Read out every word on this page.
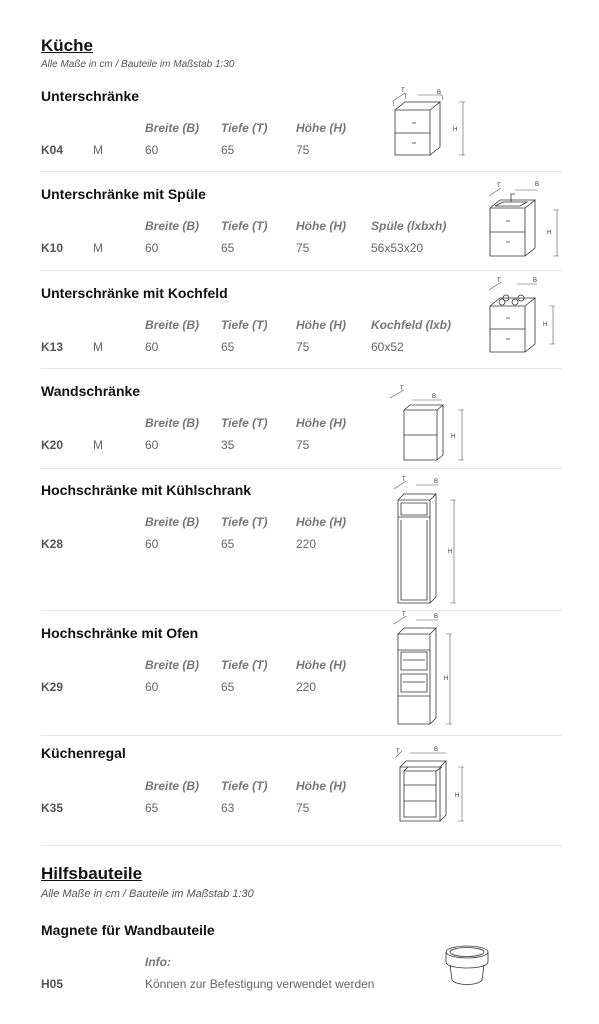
Küche
Alle Maße in cm / Bauteile im Maßstab 1:30
Unterschränke
Breite (B) Tiefe (T) Höhe (H)
K04 M	60	65	75
T	B
H
Unterschränke mit Spüle
Breite (B) Tiefe (T) Höhe (H) Spüle (lxbxh)
K10 M	60	65	75	56x53x20
T	B
H
Unterschränke mit Kochfeld
Breite (B) Tiefe (T) Höhe (H) Kochfeld (lxb)
K13 M	60	65	75	60x52
T	B
H
Wandschränke
Breite (B) Tiefe (T) Höhe (H)
K20 M	60	35	75
T
B
H
Hochschränke mit Kühlschrank
Breite (B) Tiefe (T) Höhe (H)
K28	60	65	220
T	B
H
Hochschränke mit Ofen
Breite (B) Tiefe (T) Höhe (H)
K29	60	65	220
T	B
H
Küchenregal
Breite (B) Tiefe (T) Höhe (H)
K35	65	63	75
T	B
H
Hilfsbauteile
Alle Maße in cm / Bauteile im Maßstab 1:30
Magnete für Wandbauteile
Info:
H05	Können zur Befestigung verwendet werden
